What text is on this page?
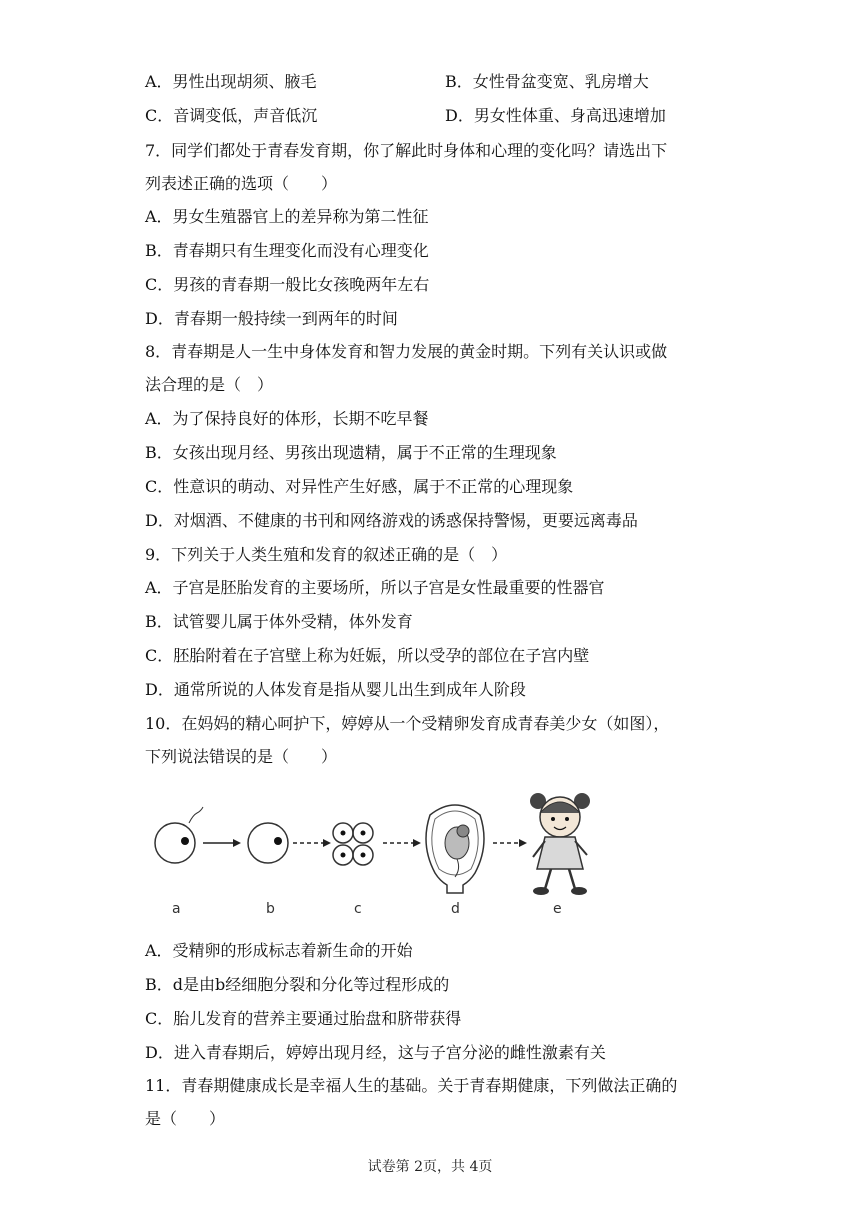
A．男性出现胡须、腋毛	B．女性骨盆变宽、乳房增大
C．音调变低，声音低沉	D．男女性体重、身高迅速增加
7．同学们都处于青春发育期，你了解此时身体和心理的变化吗？请选出下
列表述正确的选项（　　）
A．男女生殖器官上的差异称为第二性征
B．青春期只有生理变化而没有心理变化
C．男孩的青春期一般比女孩晚两年左右
D．青春期一般持续一到两年的时间
8．青春期是人一生中身体发育和智力发展的黄金时期。下列有关认识或做
法合理的是（　）
A．为了保持良好的体形，长期不吃早餐
B．女孩出现月经、男孩出现遗精，属于不正常的生理现象
C．性意识的萌动、对异性产生好感，属于不正常的心理现象
D．对烟酒、不健康的书刊和网络游戏的诱惑保持警惕，更要远离毒品
9．下列关于人类生殖和发育的叙述正确的是（　）
A．子宫是胚胎发育的主要场所，所以子宫是女性最重要的性器官
B．试管婴儿属于体外受精，体外发育
C．胚胎附着在子宫壁上称为妊娠，所以受孕的部位在子宫内壁
D．通常所说的人体发育是指从婴儿出生到成年人阶段
10．在妈妈的精心呵护下，婷婷从一个受精卵发育成青春美少女（如图），
下列说法错误的是（　　）
a	b	c	d	e
A．受精卵的形成标志着新生命的开始
B．d是由b经细胞分裂和分化等过程形成的
C．胎儿发育的营养主要通过胎盘和脐带获得
D．进入青春期后，婷婷出现月经，这与子宫分泌的雌性激素有关
11．青春期健康成长是幸福人生的基础。关于青春期健康，下列做法正确的
是（　　）
试卷第 2页，共 4页
